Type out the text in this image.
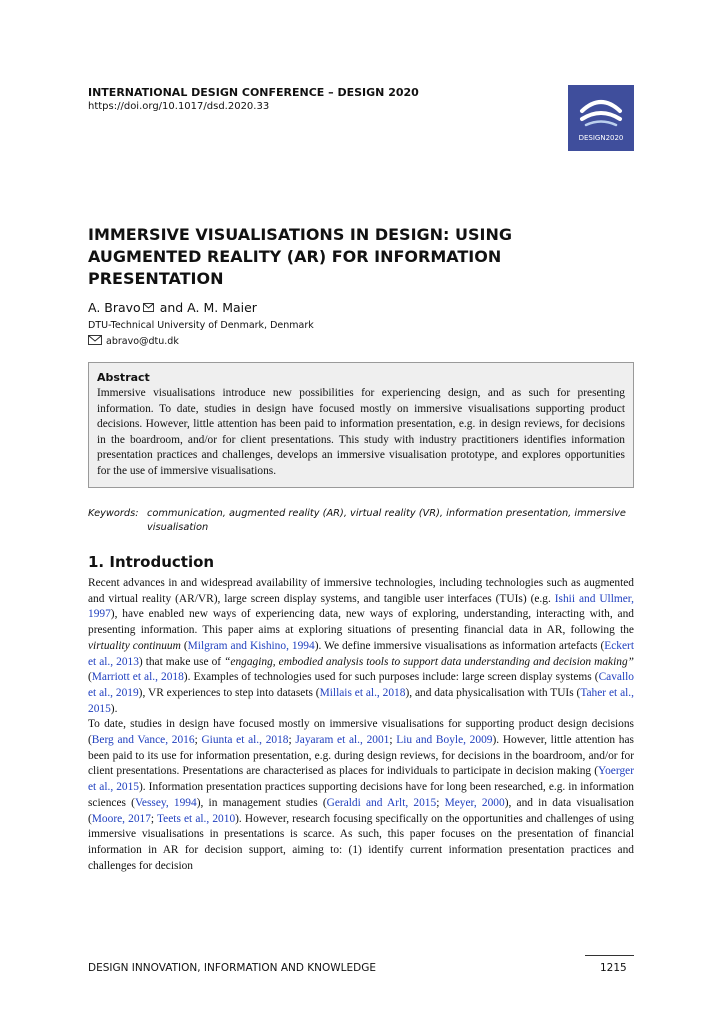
INTERNATIONAL DESIGN CONFERENCE – DESIGN 2020
https://doi.org/10.1017/dsd.2020.33
DESIGN2020
IMMERSIVE VISUALISATIONS IN DESIGN: USING AUGMENTED REALITY (AR) FOR INFORMATION PRESENTATION
A. Bravo and A. M. Maier
DTU-Technical University of Denmark, Denmark
abravo@dtu.dk
Abstract

Immersive visualisations introduce new possibilities for experiencing design, and as such for presenting information. To date, studies in design have focused mostly on immersive visualisations supporting product decisions. However, little attention has been paid to information presentation, e.g. in design reviews, for decisions in the boardroom, and/or for client presentations. This study with industry practitioners identifies information presentation practices and challenges, develops an immersive visualisation prototype, and explores opportunities for the use of immersive visualisations.

Keywords: communication, augmented reality (AR), virtual reality (VR), information presentation, immersive visualisation
1. Introduction

Recent advances in and widespread availability of immersive technologies, including technologies such as augmented and virtual reality (AR/VR), large screen display systems, and tangible user interfaces (TUIs) (e.g. Ishii and Ullmer, 1997), have enabled new ways of experiencing data, new ways of exploring, understanding, interacting with, and presenting information. This paper aims at exploring situations of presenting financial data in AR, following the virtuality continuum (Milgram and Kishino, 1994). We define immersive visualisations as information artefacts (Eckert et al., 2013) that make use of “engaging, embodied analysis tools to support data understanding and decision making” (Marriott et al., 2018). Examples of technologies used for such purposes include: large screen display systems (Cavallo et al., 2019), VR experiences to step into datasets (Millais et al., 2018), and data physicalisation with TUIs (Taher et al., 2015).

To date, studies in design have focused mostly on immersive visualisations for supporting product design decisions (Berg and Vance, 2016; Giunta et al., 2018; Jayaram et al., 2001; Liu and Boyle, 2009). However, little attention has been paid to its use for information presentation, e.g. during design reviews, for decisions in the boardroom, and/or for client presentations. Presentations are characterised as places for individuals to participate in decision making (Yoerger et al., 2015). Information presentation practices supporting decisions have for long been researched, e.g. in information sciences (Vessey, 1994), in management studies (Geraldi and Arlt, 2015; Meyer, 2000), and in data visualisation (Moore, 2017; Teets et al., 2010). However, research focusing specifically on the opportunities and challenges of using immersive visualisations in presentations is scarce. As such, this paper focuses on the presentation of financial information in AR for decision support, aiming to: (1) identify current information presentation practices and challenges for decision

DESIGN INNOVATION, INFORMATION AND KNOWLEDGE	1215
